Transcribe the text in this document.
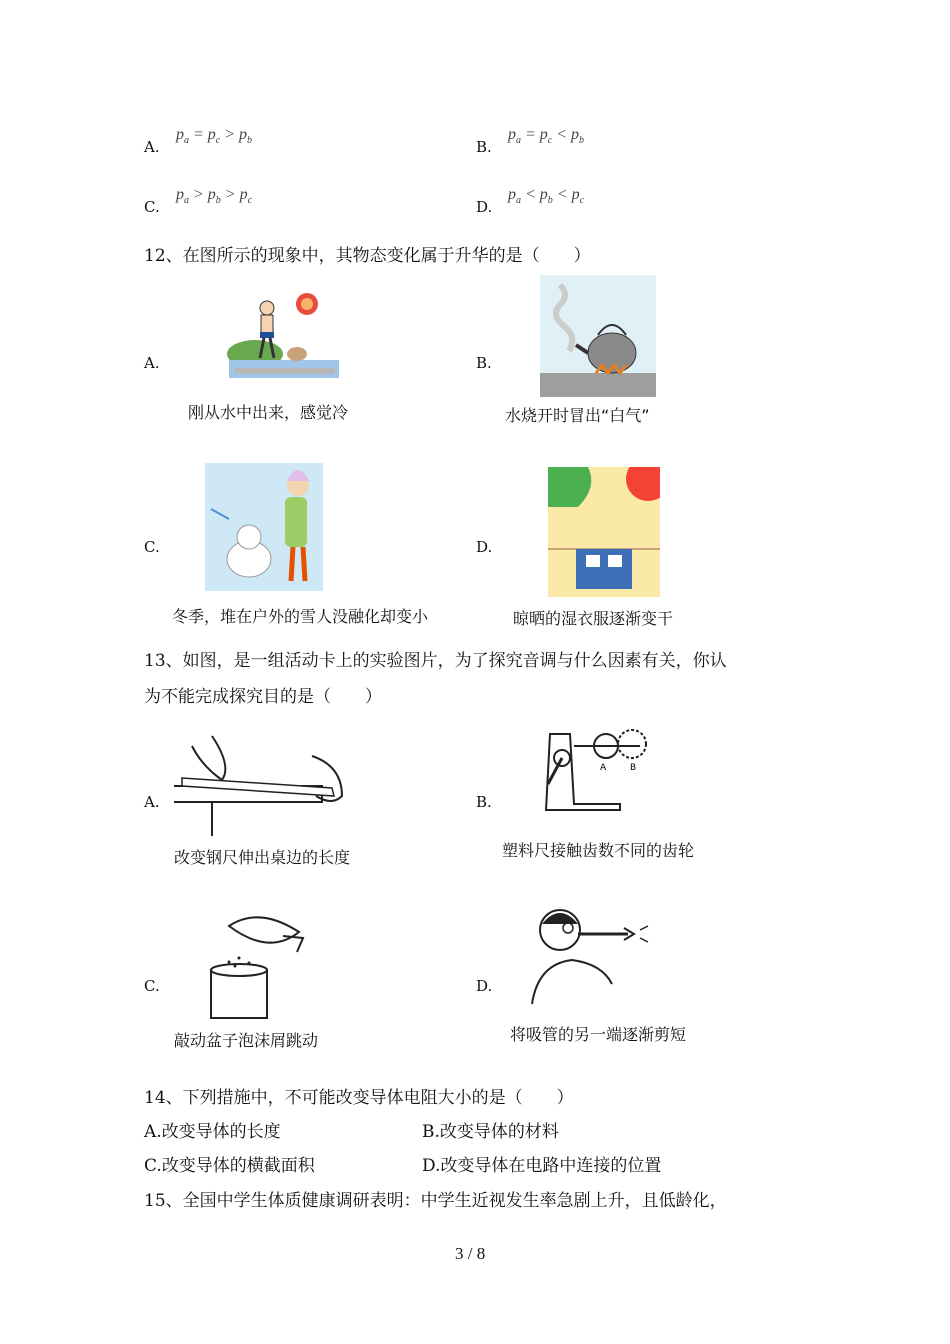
A.
$p_a = p_c > p_b$	B.
$p_a = p_c < p_b$
C.
$p_a > p_b > p_c$	D.
$p_a < p_b < p_c$
12、在图所示的现象中，其物态变化属于升华的是（　　）
A.
刚从水中出来，感觉冷
B.
水烧开时冒出“白气”
C.
冬季，堆在户外的雪人没融化却变小
D.
晾晒的湿衣服逐渐变干
13、如图，是一组活动卡上的实验图片，为了探究音调与什么因素有关，你认
为不能完成探究目的是（　　）
A.
改变钢尺伸出桌边的长度
B.
A	B
塑料尺接触齿数不同的齿轮
C.
敲动盆子泡沫屑跳动
D.
将吸管的另一端逐渐剪短
14、下列措施中，不可能改变导体电阻大小的是（　　）
A.改变导体的长度	B.改变导体的材料
C.改变导体的横截面积	D.改变导体在电路中连接的位置
15、全国中学生体质健康调研表明：中学生近视发生率急剧上升，且低龄化，
3 / 8
